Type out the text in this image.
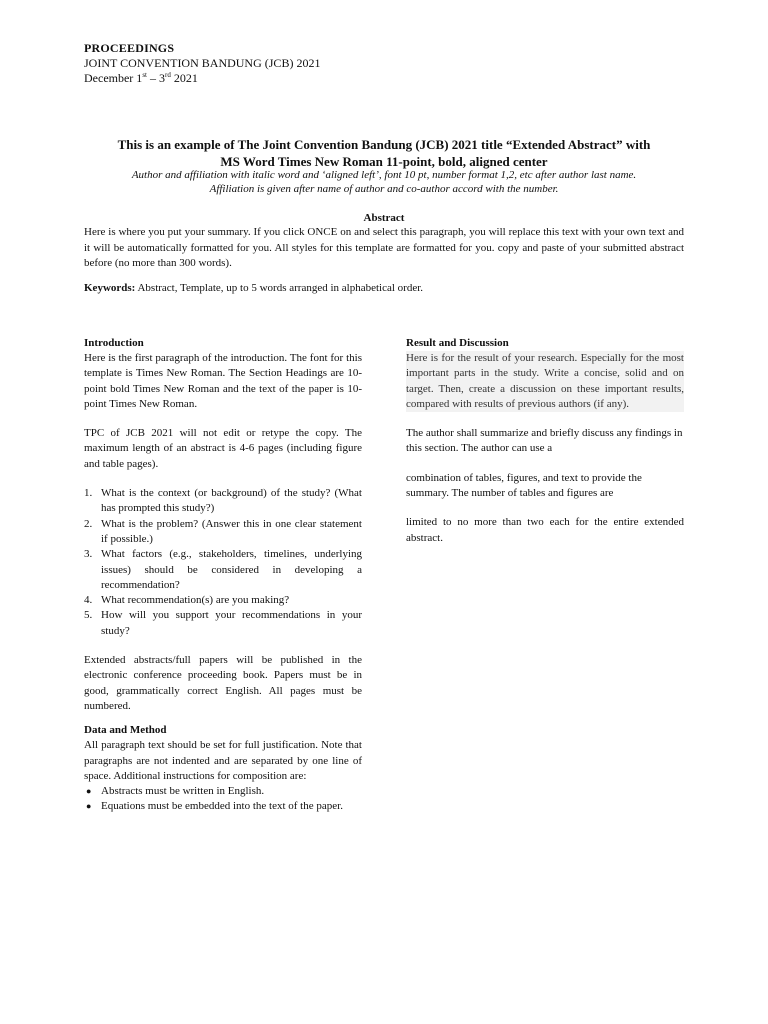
PROCEEDINGS
JOINT CONVENTION BANDUNG (JCB) 2021
December 1st – 3rd 2021
This is an example of The Joint Convention Bandung (JCB) 2021 title “Extended Abstract” with
MS Word Times New Roman 11-point, bold, aligned center
Author and affiliation with italic word and ‘aligned left’, font 10 pt, number format 1,2, etc after author last name.
Affiliation is given after name of author and co-author accord with the number.
Abstract
Here is where you put your summary. If you click ONCE on and select this paragraph, you will replace this text with your own text and it will be automatically formatted for you. All styles for this template are formatted for you. copy and paste of your submitted abstract before (no more than 300 words).
Keywords: Abstract, Template, up to 5 words arranged in alphabetical order.
Introduction

Here is the first paragraph of the introduction. The font for this template is Times New Roman. The Section Headings are 10-point bold Times New Roman and the text of the paper is 10-point Times New Roman.

TPC of JCB 2021 will not edit or retype the copy. The maximum length of an abstract is 4-6 pages (including figure and table pages).

1. What is the context (or background) of the study? (What has prompted this study?)
2. What is the problem? (Answer this in one clear statement if possible.)
3. What factors (e.g., stakeholders, timelines, underlying issues) should be considered in developing a recommendation?
4. What recommendation(s) are you making?
5. How will you support your recommendations in your study?

Extended abstracts/full papers will be published in the electronic conference proceeding book. Papers must be in good, grammatically correct English. All pages must be numbered.

Data and Method

All paragraph text should be set for full justification. Note that paragraphs are not indented and are separated by one line of space. Additional instructions for composition are:

● Abstracts must be written in English.
● Equations must be embedded into the text of the paper.
Result and Discussion

Here is for the result of your research. Especially for the most important parts in the study. Write a concise, solid and on target. Then, create a discussion on these important results, compared with results of previous authors (if any).

The author shall summarize and briefly discuss any findings in this section. The author can use a

combination of tables, figures, and text to provide the summary. The number of tables and figures are

limited to no more than two each for the entire extended abstract.
